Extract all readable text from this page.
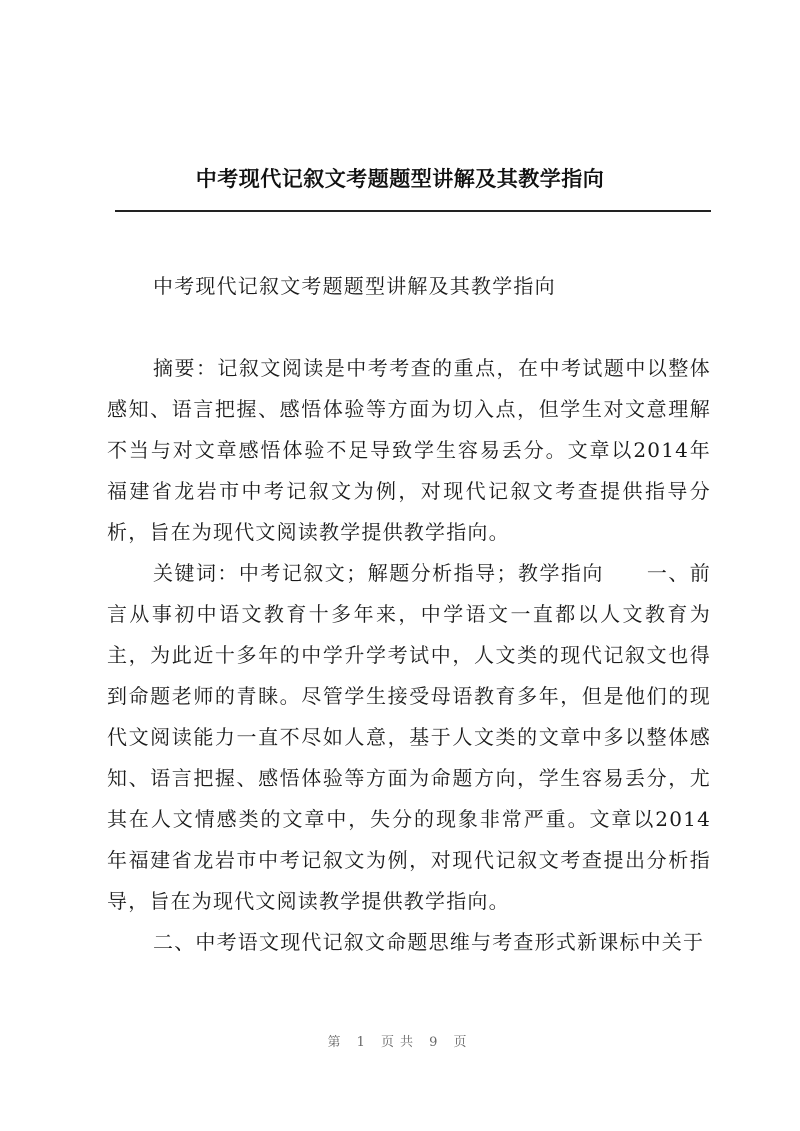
中考现代记叙文考题题型讲解及其教学指向

中考现代记叙文考题题型讲解及其教学指向

摘要：记叙文阅读是中考考查的重点，在中考试题中以整体感知、语言把握、感悟体验等方面为切入点，但学生对文意理解不当与对文章感悟体验不足导致学生容易丢分。文章以2014年福建省龙岩市中考记叙文为例，对现代记叙文考查提供指导分析，旨在为现代文阅读教学提供教学指向。

关键词：中考记叙文；解题分析指导；教学指向　　一、前言从事初中语文教育十多年来，中学语文一直都以人文教育为主，为此近十多年的中学升学考试中，人文类的现代记叙文也得到命题老师的青睐。尽管学生接受母语教育多年，但是他们的现代文阅读能力一直不尽如人意，基于人文类的文章中多以整体感知、语言把握、感悟体验等方面为命题方向，学生容易丢分，尤其在人文情感类的文章中，失分的现象非常严重。文章以2014年福建省龙岩市中考记叙文为例，对现代记叙文考查提出分析指导，旨在为现代文阅读教学提供教学指向。

二、中考语文现代记叙文命题思维与考查形式新课标中关于

第 1 页共 9 页
